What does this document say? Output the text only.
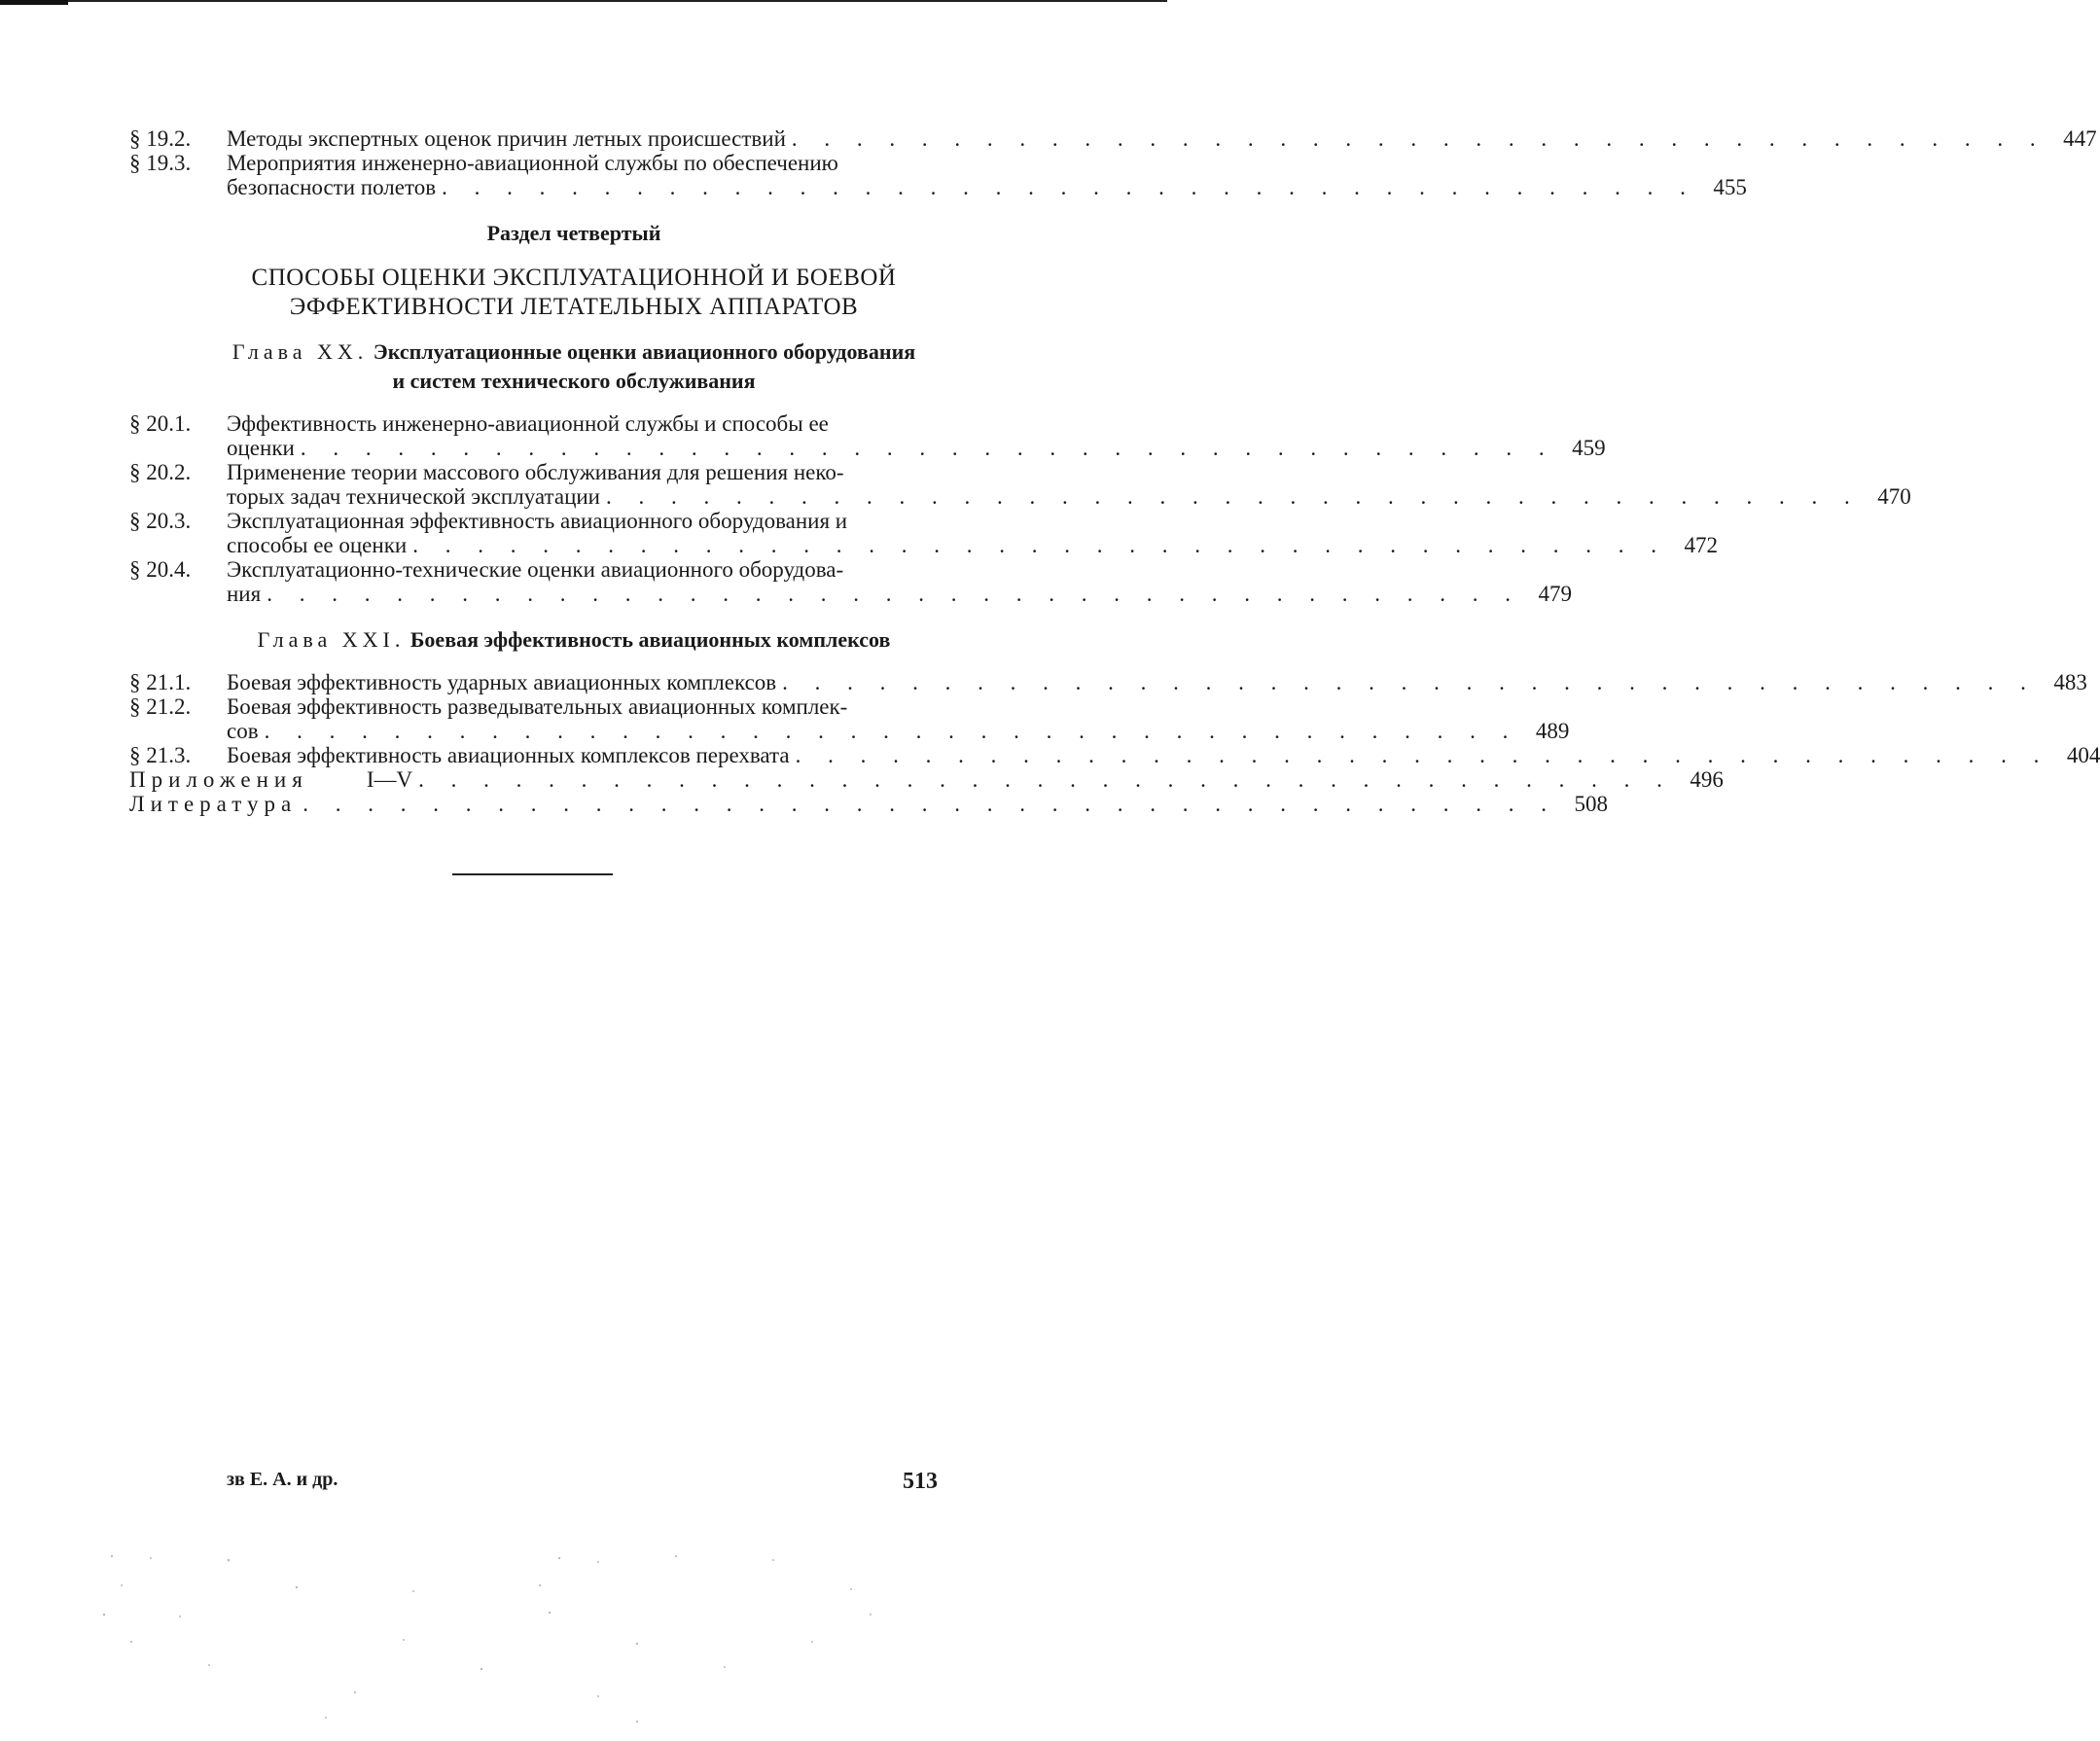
§ 19.2.	Методы экспертных оценок причин летных происшествий . . . . . . . . . . . . . . . . . . . . . . . . . . . . . . . . . . . . . . . 447
§ 19.3.	Мероприятия инженерно-авиационной службы по обеспечению
безопасности полетов . . . . . . . . . . . . . . . . . . . . . . . . . . . . . . . . . . . . . . . 455
Раздел четвертый
СПОСОБЫ ОЦЕНКИ ЭКСПЛУАТАЦИОННОЙ И БОЕВОЙ
ЭФФЕКТИВНОСТИ ЛЕТАТЕЛЬНЫХ АППАРАТОВ
Глава XX. Эксплуатационные оценки авиационного оборудования
и систем технического обслуживания
§ 20.1.	Эффективность инженерно-авиационной службы и способы ее
оценки . . . . . . . . . . . . . . . . . . . . . . . . . . . . . . . . . . . . . . . 459
§ 20.2.	Применение теории массового обслуживания для решения неко-
торых задач технической эксплуатации . . . . . . . . . . . . . . . . . . . . . . . . . . . . . . . . . . . . . . . 470
§ 20.3.	Эксплуатационная эффективность авиационного оборудования и
способы ее оценки . . . . . . . . . . . . . . . . . . . . . . . . . . . . . . . . . . . . . . . 472
§ 20.4.	Эксплуатационно-технические оценки авиационного оборудова-
ния . . . . . . . . . . . . . . . . . . . . . . . . . . . . . . . . . . . . . . . 479
Глава XXI. Боевая эффективность авиационных комплексов
§ 21.1.	Боевая эффективность ударных авиационных комплексов . . . . . . . . . . . . . . . . . . . . . . . . . . . . . . . . . . . . . . . 483
§ 21.2.	Боевая эффективность разведывательных авиационных комплек-
сов . . . . . . . . . . . . . . . . . . . . . . . . . . . . . . . . . . . . . . . 489
§ 21.3.	Боевая эффективность авиационных комплексов перехвата . . . . . . . . . . . . . . . . . . . . . . . . . . . . . . . . . . . . . . . 404
Приложения	I—V . . . . . . . . . . . . . . . . . . . . . . . . . . . . . . . . . . . . . . . 496
Литература . . . . . . . . . . . . . . . . . . . . . . . . . . . . . . . . . . . . . . . 508
зв Е. А. и др.	513
